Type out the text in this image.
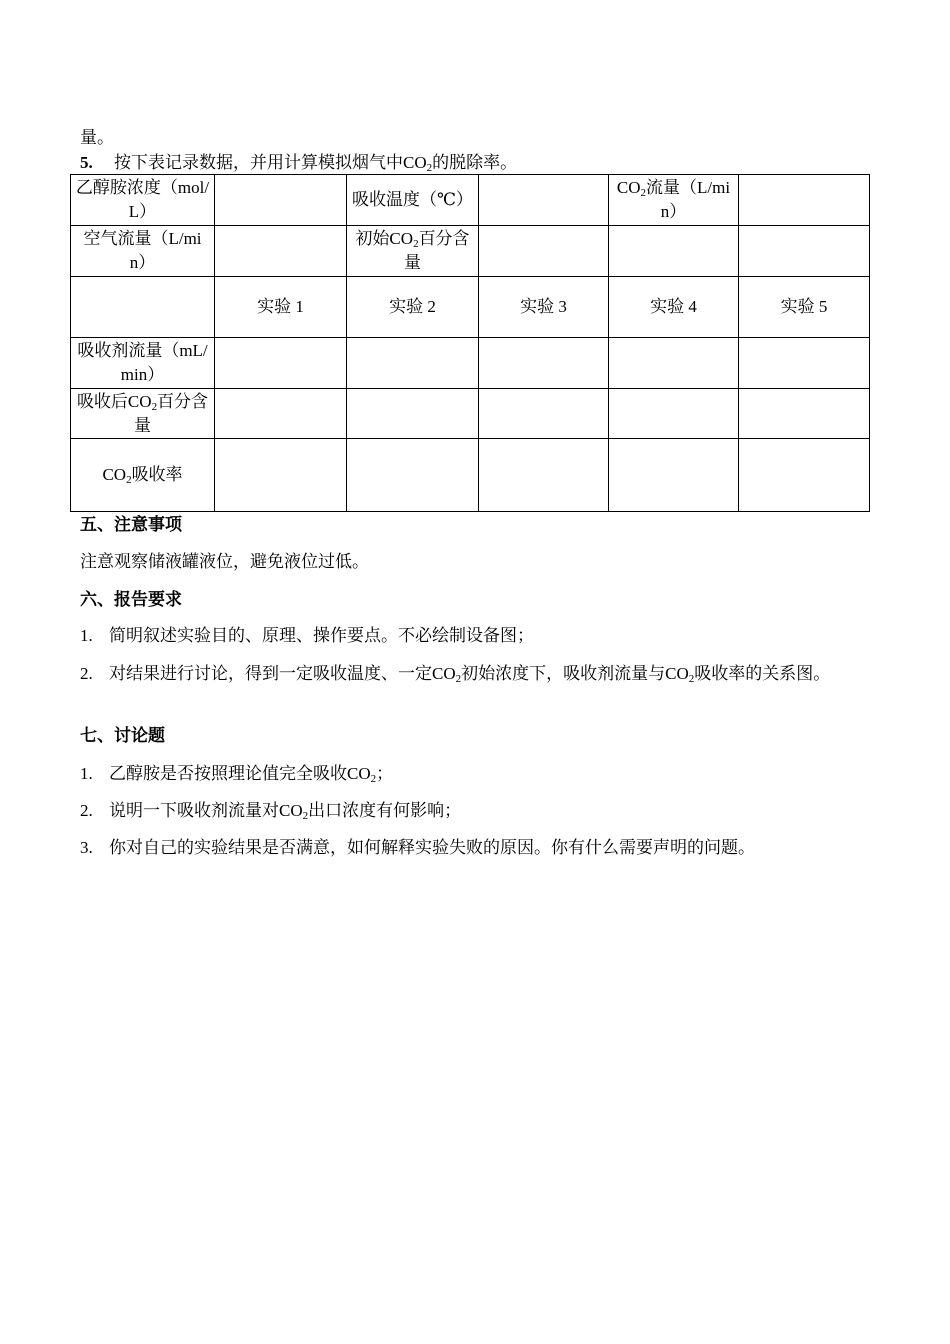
量。
5. 按下表记录数据，并用计算模拟烟气中$CO_2$的脱除率。
乙醇胺浓度（mol/L）		吸收温度（℃）		$CO_2$流量（L/min）	
空气流量（L/min）		初始$CO_2$百分含量			
	实验 1	实验 2	实验 3	实验 4	实验 5
吸收剂流量（mL/min）					
吸收后$CO_2$百分含量					
$CO_2$吸收率					
五、注意事项
注意观察储液罐液位，避免液位过低。
六、报告要求
1. 简明叙述实验目的、原理、操作要点。不必绘制设备图；
2. 对结果进行讨论，得到一定吸收温度、一定$CO_2$初始浓度下，吸收剂流量与$CO_2$吸收率的关系图。
七、讨论题
1. 乙醇胺是否按照理论值完全吸收$CO_2$；
2. 说明一下吸收剂流量对$CO_2$出口浓度有何影响；
3. 你对自己的实验结果是否满意，如何解释实验失败的原因。你有什么需要声明的问题。
